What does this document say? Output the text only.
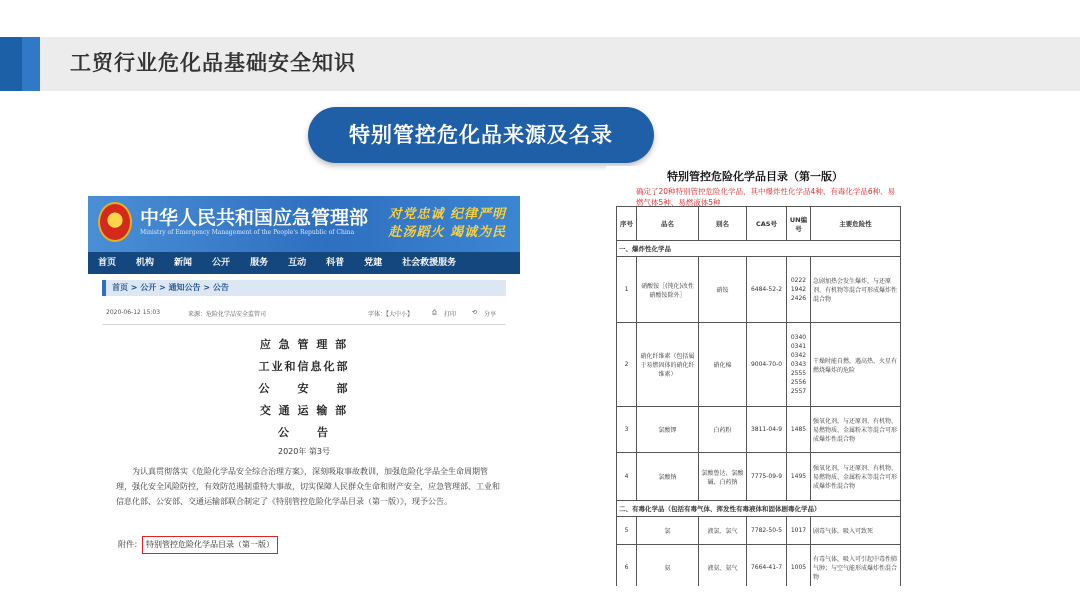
工贸行业危化品基础安全知识
特别管控危化品来源及名录
★
中华人民共和国应急管理部
Ministry of Emergency Management of the People's Republic of China
对党忠诚 纪律严明
赴汤蹈火 竭诚为民
首页	机构	新闻	公开	服务	互动	科普	党建	社会救援服务
首页 > 公开 > 通知公告 > 公告
2020-06-12 15:03	来源：危险化学品安全监管司	字体：【大中小】	⎙ 打印	⟲ 分享
应 急 管 理 部
工业和信息化部
公　　安　　部
交 通 运 输 部
公　　告
2020年 第3号
为认真贯彻落实《危险化学品安全综合治理方案》，深刻吸取事故教训，加强危险化学品全生命周期管理，强化安全风险防控，有效防范遏制重特大事故，切实保障人民群众生命和财产安全，应急管理部、工业和信息化部、公安部、交通运输部联合制定了《特别管控危险化学品目录（第一版）》，现予公告。
附件： 特别管控危险化学品目录（第一版）
特别管控危险化学品目录（第一版）
确定了20种特别管控危险化学品，其中爆炸性化学品4种、有毒化学品6种、易燃气体5种、易燃液体5种
序号	品名	别名	CAS号	UN编号	主要危险性
一、爆炸性化学品					
1	硝酸铵［(钝化)改性硝酸铵除外］	硝铵	6484-52-2	0222 1942 2426	急剧加热会发生爆炸，与还原剂、有机物等混合可形成爆炸性混合物
2	硝化纤维素（包括属于易燃固体的硝化纤维素）	硝化棉	9004-70-0	0340 0341 0342 0343 2555 2556 2557	干燥时能自燃，遇高热、火星有燃烧爆炸的危险
3	氯酸钾	白药粉	3811-04-9	1485	强氧化剂，与还原剂、有机物、易燃物质、金属粉末等混合可形成爆炸性混合物
4	氯酸钠	氯酸鲁达、氯酸碱、白药钠	7775-09-9	1495	强氧化剂，与还原剂、有机物、易燃物质、金属粉末等混合可形成爆炸性混合物
二、有毒化学品（包括有毒气体、挥发性有毒液体和固体剧毒化学品）					
5	氯	液氯、氯气	7782-50-5	1017	剧毒气体，吸入可致死
6	氨	液氨、氨气	7664-41-7	1005	有毒气体，吸入可引起中毒性肺气肿；与空气能形成爆炸性混合物
